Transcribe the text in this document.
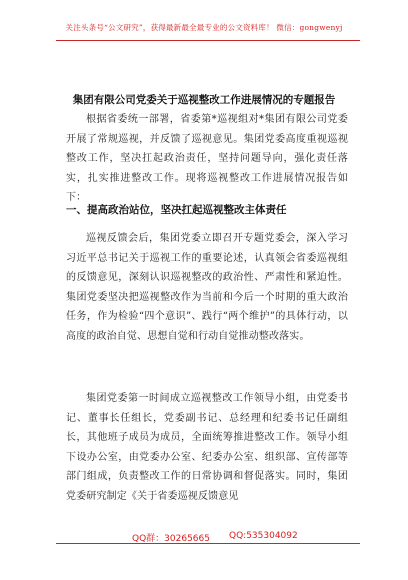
关注头条号“公文研究”，获得最新最全最专业的公文资料库！ 微信：gongwenyj
集团有限公司党委关于巡视整改工作进展情况的专题报告

根据省委统一部署，省委第*巡视组对*集团有限公司党委开展了常规巡视，并反馈了巡视意见。集团党委高度重视巡视整改工作，坚决扛起政治责任，坚持问题导向，强化责任落实，扎实推进整改工作。现将巡视整改工作进展情况报告如下：

一、提高政治站位，坚决扛起巡视整改主体责任

巡视反馈会后，集团党委立即召开专题党委会，深入学习习近平总书记关于巡视工作的重要论述，认真领会省委巡视组的反馈意见，深刻认识巡视整改的政治性、严肃性和紧迫性。集团党委坚决把巡视整改作为当前和今后一个时期的重大政治任务，作为检验“四个意识”、践行“两个维护”的具体行动，以高度的政治自觉、思想自觉和行动自觉推动整改落实。

集团党委第一时间成立巡视整改工作领导小组，由党委书记、董事长任组长，党委副书记、总经理和纪委书记任副组长，其他班子成员为成员，全面统筹推进整改工作。领导小组下设办公室，由党委办公室、纪委办公室、组织部、宣传部等部门组成，负责整改工作的日常协调和督促落实。同时，集团党委研究制定《关于省委巡视反馈意见

QQ群：30265665 QQ:535304092
